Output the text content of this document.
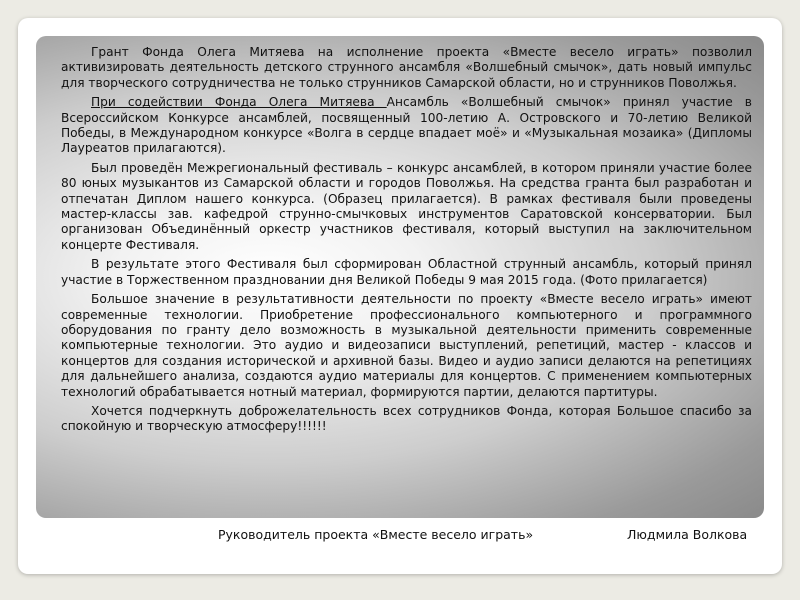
Грант Фонда Олега Митяева на исполнение проекта «Вместе весело играть» позволил активизировать деятельность детского струнного ансамбля «Волшебный смычок», дать новый импульс для творческого сотрудничества не только струнников Самарской области, но и струнников Поволжья.

При содействии Фонда Олега Митяева Ансамбль «Волшебный смычок» принял участие в Всероссийском Конкурсе ансамблей, посвященный 100-летию А. Островского и 70-летию Великой Победы, в Международном конкурсе «Волга в сердце впадает моё» и «Музыкальная мозаика» (Дипломы Лауреатов прилагаются).

Был проведён Межрегиональный фестиваль – конкурс ансамблей, в котором приняли участие более 80 юных музыкантов из Самарской области и городов Поволжья. На средства гранта был разработан и отпечатан Диплом нашего конкурса. (Образец прилагается). В рамках фестиваля были проведены мастер-классы зав. кафедрой струнно-смычковых инструментов Саратовской консерватории. Был организован Объединённый оркестр участников фестиваля, который выступил на заключительном концерте Фестиваля.

В результате этого Фестиваля был сформирован Областной струнный ансамбль, который принял участие в Торжественном праздновании дня Великой Победы 9 мая 2015 года. (Фото прилагается)

Большое значение в результативности деятельности по проекту «Вместе весело играть» имеют современные технологии. Приобретение профессионального компьютерного и программного оборудования по гранту дело возможность в музыкальной деятельности применить современные компьютерные технологии. Это аудио и видеозаписи выступлений, репетиций, мастер - классов и концертов для создания исторической и архивной базы. Видео и аудио записи делаются на репетициях для дальнейшего анализа, создаются аудио материалы для концертов. С применением компьютерных технологий обрабатывается нотный материал, формируются партии, делаются партитуры.

Хочется подчеркнуть доброжелательность всех сотрудников Фонда, которая Большое спасибо за спокойную и творческую атмосферу!!!!!!

Руководитель проекта «Вместе весело играть»	Людмила Волкова
